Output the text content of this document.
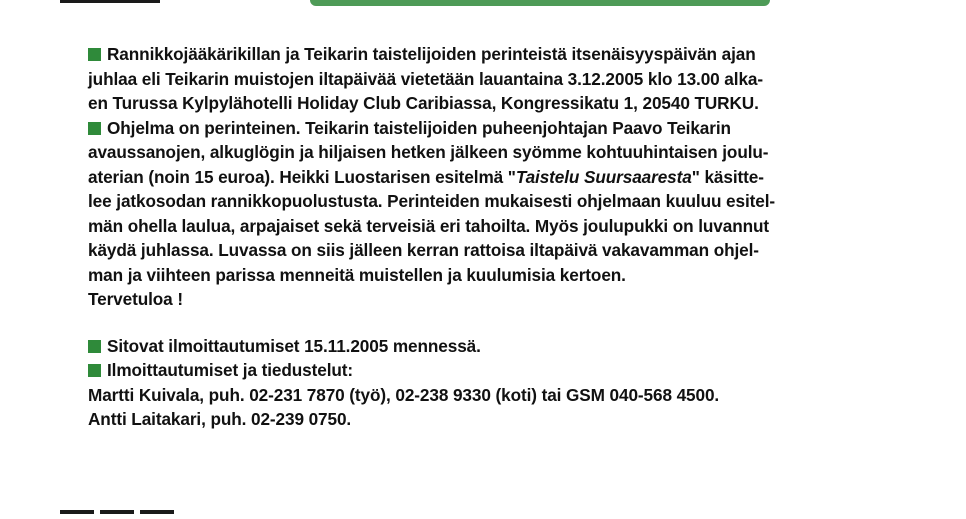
Rannikkojääkärikillan ja Teikarin taistelijoiden perinteistä itsenäisyyspäivän ajan
juhlaa eli Teikarin muistojen iltapäivää vietetään lauantaina 3.12.2005 klo 13.00 alka-
en Turussa Kylpylähotelli Holiday Club Caribiassa, Kongressikatu 1, 20540 TURKU.
Ohjelma on perinteinen. Teikarin taistelijoiden puheenjohtajan Paavo Teikarin
avaussanojen, alkuglögin ja hiljaisen hetken jälkeen syömme kohtuuhintaisen joulu-
aterian (noin 15 euroa). Heikki Luostarisen esitelmä "Taistelu Suursaaresta" käsitte-
lee jatkosodan rannikkopuolustusta. Perinteiden mukaisesti ohjelmaan kuuluu esitel-
män ohella laulua, arpajaiset sekä terveisiä eri tahoilta. Myös joulupukki on luvannut
käydä juhlassa. Luvassa on siis jälleen kerran rattoisa iltapäivä vakavamman ohjel-
man ja viihteen parissa menneitä muistellen ja kuulumisia kertoen.
Tervetuloa !
Sitovat ilmoittautumiset 15.11.2005 mennessä.
Ilmoittautumiset ja tiedustelut:
Martti Kuivala, puh. 02-231 7870 (työ), 02-238 9330 (koti) tai GSM 040-568 4500.
Antti Laitakari, puh. 02-239 0750.
